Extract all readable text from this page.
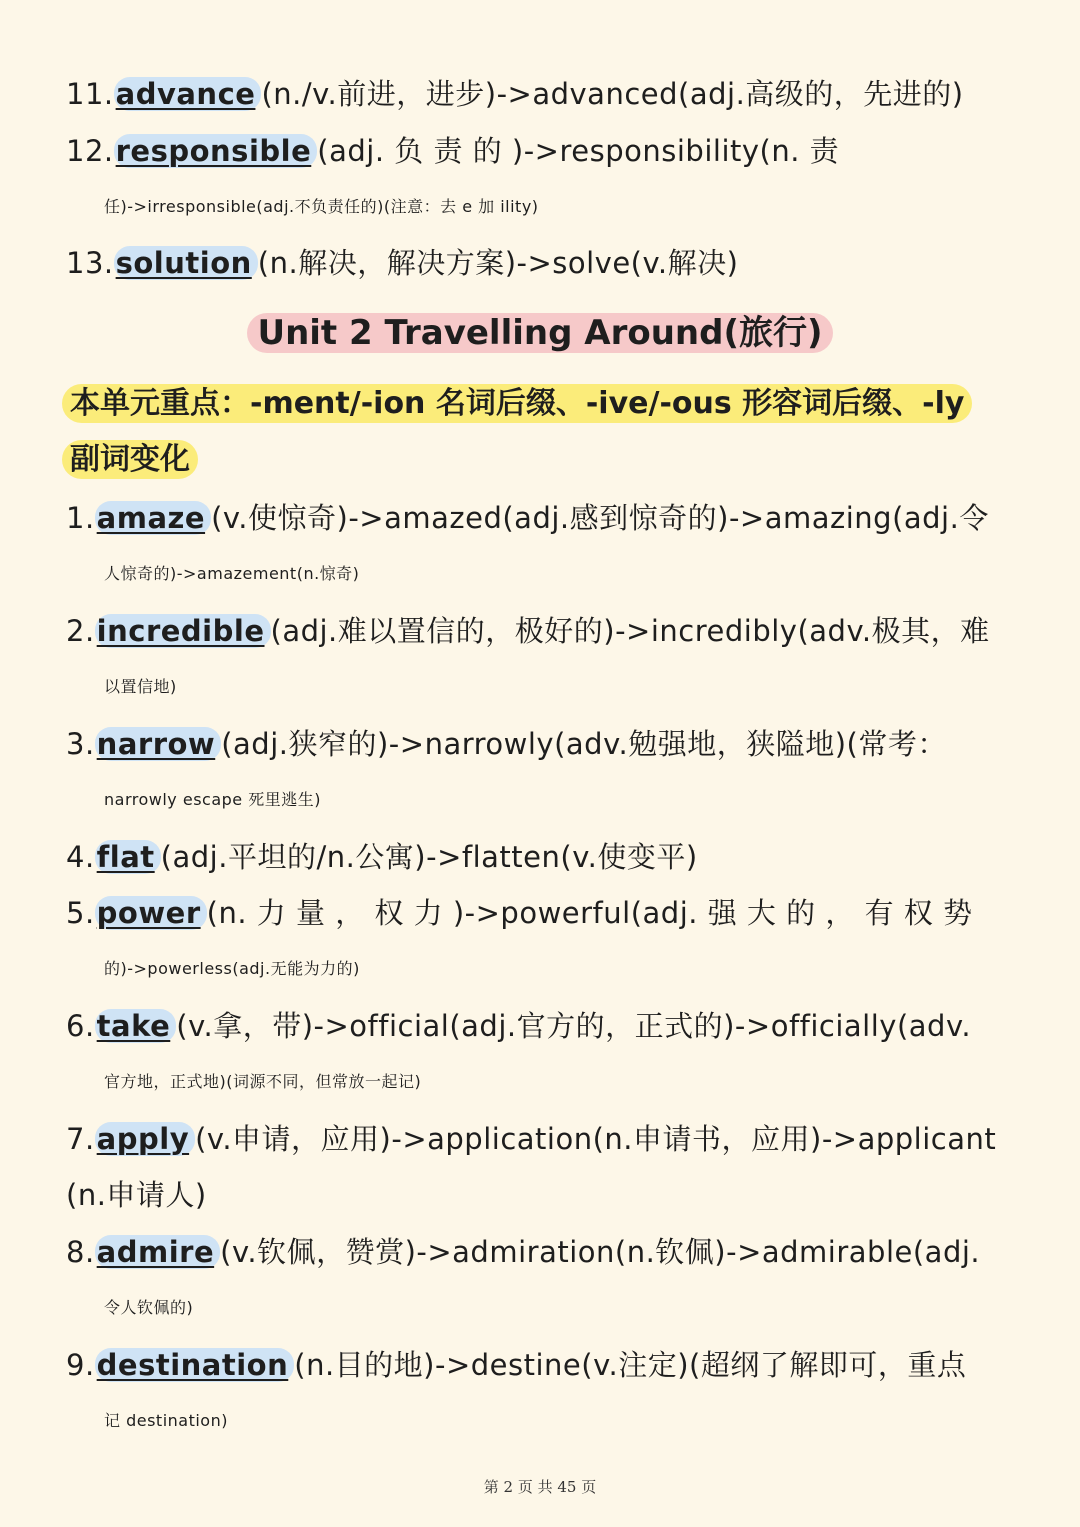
11.advance (n./v.前进，进步)->advanced(adj.高级的，先进的)
12.responsible (adj. 负 责 的 )->responsibility(n. 责
任)->irresponsible(adj.不负责任的)(注意：去 e 加 ility)
13.solution (n.解决，解决方案)->solve(v.解决)
Unit 2 Travelling Around(旅行)
本单元重点：-ment/-ion 名词后缀、-ive/-ous 形容词后缀、-ly
副词变化
1.amaze (v.使惊奇)->amazed(adj.感到惊奇的)->amazing(adj.令
人惊奇的)->amazement(n.惊奇)
2.incredible (adj.难以置信的，极好的)->incredibly(adv.极其，难
以置信地)
3.narrow (adj.狭窄的)->narrowly(adv.勉强地，狭隘地)(常考：
narrowly escape 死里逃生)
4.flat (adj.平坦的/n.公寓)->flatten(v.使变平)
5.power (n. 力 量 ， 权 力 )->powerful(adj. 强 大 的 ， 有 权 势
的)->powerless(adj.无能为力的)
6.take (v.拿，带)->official(adj.官方的，正式的)->officially(adv.
官方地，正式地)(词源不同，但常放一起记)
7.apply (v.申请，应用)->application(n.申请书，应用)->applicant
(n.申请人)
8.admire (v.钦佩，赞赏)->admiration(n.钦佩)->admirable(adj.
令人钦佩的)
9.destination (n.目的地)->destine(v.注定)(超纲了解即可，重点
记 destination)
第 2 页 共 45 页
